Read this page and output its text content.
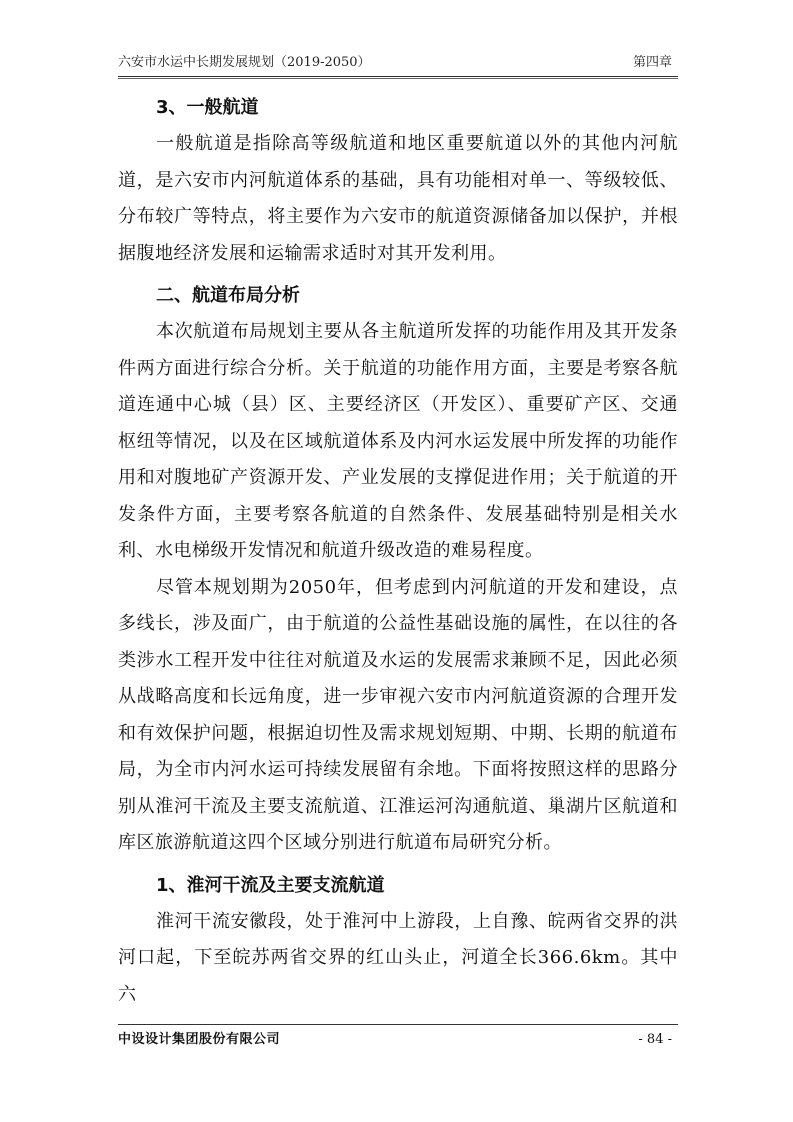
六安市水运中长期发展规划（2019-2050）	第四章
3、一般航道

一般航道是指除高等级航道和地区重要航道以外的其他内河航道，是六安市内河航道体系的基础，具有功能相对单一、等级较低、分布较广等特点，将主要作为六安市的航道资源储备加以保护，并根据腹地经济发展和运输需求适时对其开发利用。

二、航道布局分析

本次航道布局规划主要从各主航道所发挥的功能作用及其开发条件两方面进行综合分析。关于航道的功能作用方面，主要是考察各航道连通中心城（县）区、主要经济区（开发区）、重要矿产区、交通枢纽等情况，以及在区域航道体系及内河水运发展中所发挥的功能作用和对腹地矿产资源开发、产业发展的支撑促进作用；关于航道的开发条件方面，主要考察各航道的自然条件、发展基础特别是相关水利、水电梯级开发情况和航道升级改造的难易程度。

尽管本规划期为2050年，但考虑到内河航道的开发和建设，点多线长，涉及面广，由于航道的公益性基础设施的属性，在以往的各类涉水工程开发中往往对航道及水运的发展需求兼顾不足，因此必须从战略高度和长远角度，进一步审视六安市内河航道资源的合理开发和有效保护问题，根据迫切性及需求规划短期、中期、长期的航道布局，为全市内河水运可持续发展留有余地。下面将按照这样的思路分别从淮河干流及主要支流航道、江淮运河沟通航道、巢湖片区航道和库区旅游航道这四个区域分别进行航道布局研究分析。

1、淮河干流及主要支流航道

淮河干流安徽段，处于淮河中上游段，上自豫、皖两省交界的洪河口起，下至皖苏两省交界的红山头止，河道全长366.6km。其中六

中设设计集团股份有限公司	- 84 -
